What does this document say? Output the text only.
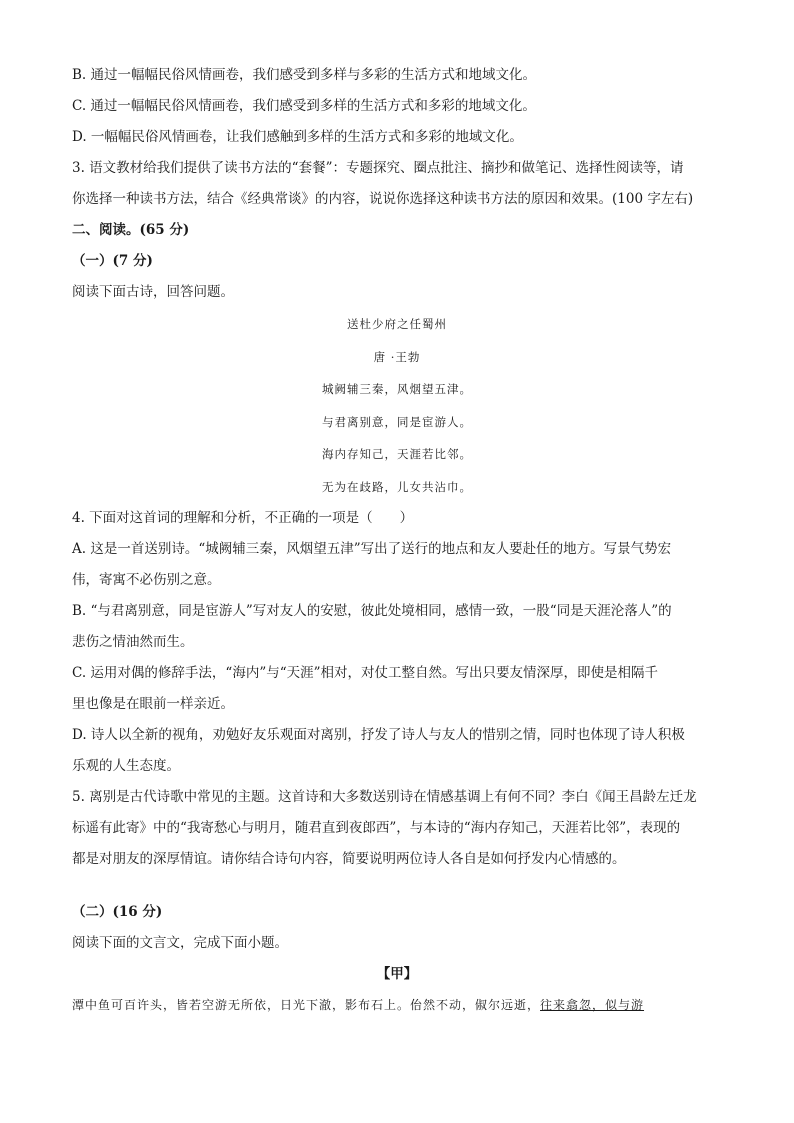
B. 通过一幅幅民俗风情画卷，我们感受到多样与多彩的生活方式和地域文化。
C. 通过一幅幅民俗风情画卷，我们感受到多样的生活方式和多彩的地域文化。
D. 一幅幅民俗风情画卷，让我们感触到多样的生活方式和多彩的地域文化。
3. 语文教材给我们提供了读书方法的“套餐”：专题探究、圈点批注、摘抄和做笔记、选择性阅读等，请
你选择一种读书方法，结合《经典常谈》的内容，说说你选择这种读书方法的原因和效果。(100 字左右)
二、阅读。(65 分)
（一）(7 分)
阅读下面古诗，回答问题。
送杜少府之任蜀州
唐 ·王勃
城阙辅三秦，风烟望五津。
与君离别意，同是宦游人。
海内存知己，天涯若比邻。
无为在歧路，儿女共沾巾。
4. 下面对这首词的理解和分析，不正确的一项是（　　）
A. 这是一首送别诗。“城阙辅三秦，风烟望五津”写出了送行的地点和友人要赴任的地方。写景气势宏
伟，寄寓不必伤别之意。
B. “与君离别意，同是宦游人”写对友人的安慰，彼此处境相同，感情一致，一股“同是天涯沦落人”的
悲伤之情油然而生。
C. 运用对偶的修辞手法，“海内”与“天涯”相对，对仗工整自然。写出只要友情深厚，即使是相隔千
里也像是在眼前一样亲近。
D. 诗人以全新的视角，劝勉好友乐观面对离别，抒发了诗人与友人的惜别之情，同时也体现了诗人积极
乐观的人生态度。
5. 离别是古代诗歌中常见的主题。这首诗和大多数送别诗在情感基调上有何不同？李白《闻王昌龄左迁龙
标遥有此寄》中的“我寄愁心与明月，随君直到夜郎西”，与本诗的“海内存知己，天涯若比邻”，表现的
都是对朋友的深厚情谊。请你结合诗句内容，简要说明两位诗人各自是如何抒发内心情感的。
（二）(16 分)
阅读下面的文言文，完成下面小题。
【甲】
潭中鱼可百许头，皆若空游无所依，日光下澈，影布石上。佁然不动，俶尔远逝，往来翕忽，似与游
